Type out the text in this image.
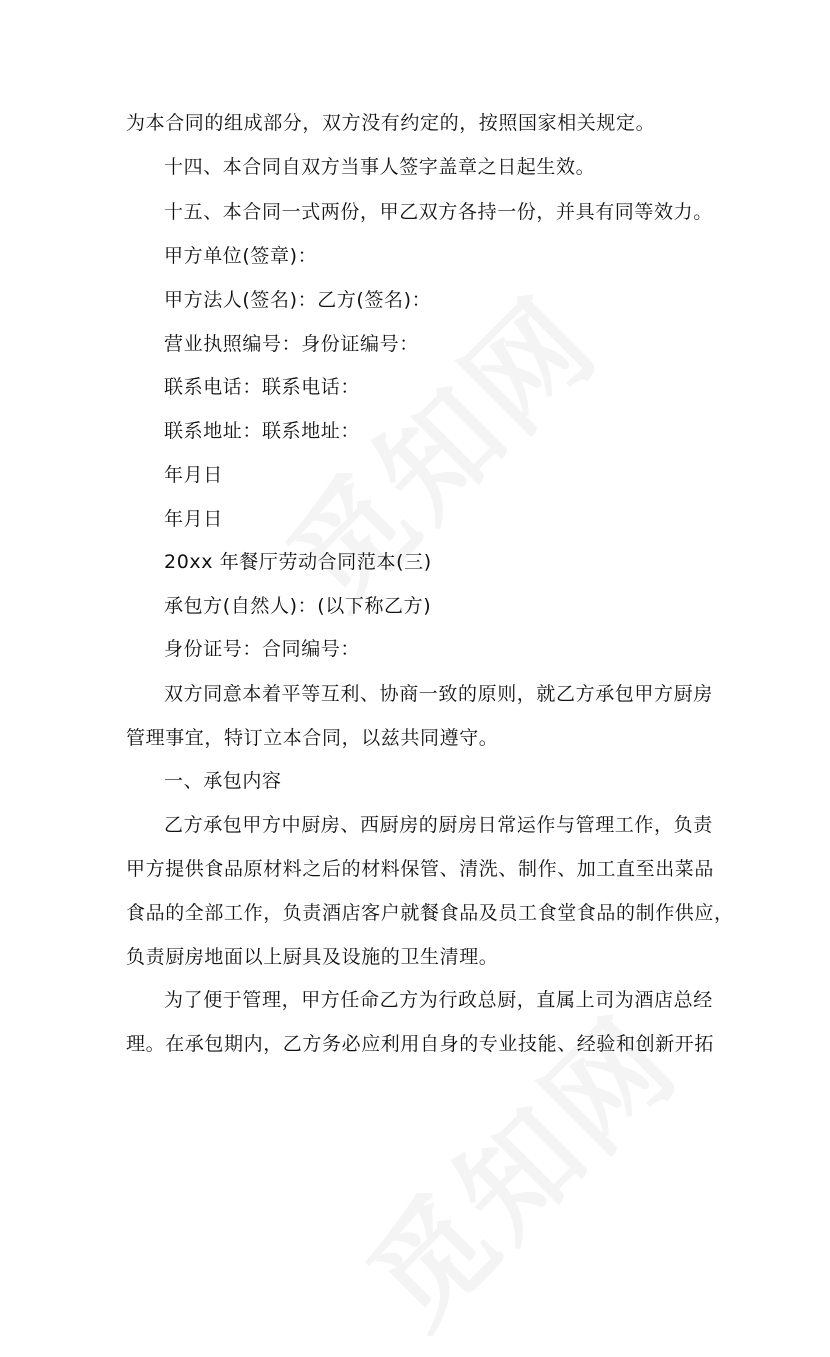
为本合同的组成部分，双方没有约定的，按照国家相关规定。
十四、本合同自双方当事人签字盖章之日起生效。
十五、本合同一式两份，甲乙双方各持一份，并具有同等效力。
甲方单位(签章)：
甲方法人(签名)：乙方(签名)：
营业执照编号：身份证编号：
联系电话：联系电话：
联系地址：联系地址：
年月日
年月日
20xx 年餐厅劳动合同范本(三)
承包方(自然人)：(以下称乙方)
身份证号：合同编号：
双方同意本着平等互利、协商一致的原则，就乙方承包甲方厨房
管理事宜，特订立本合同，以兹共同遵守。
一、承包内容
乙方承包甲方中厨房、西厨房的厨房日常运作与管理工作，负责
甲方提供食品原材料之后的材料保管、清洗、制作、加工直至出菜品
食品的全部工作，负责酒店客户就餐食品及员工食堂食品的制作供应，
负责厨房地面以上厨具及设施的卫生清理。
为了便于管理，甲方任命乙方为行政总厨，直属上司为酒店总经
理。在承包期内，乙方务必应利用自身的专业技能、经验和创新开拓
